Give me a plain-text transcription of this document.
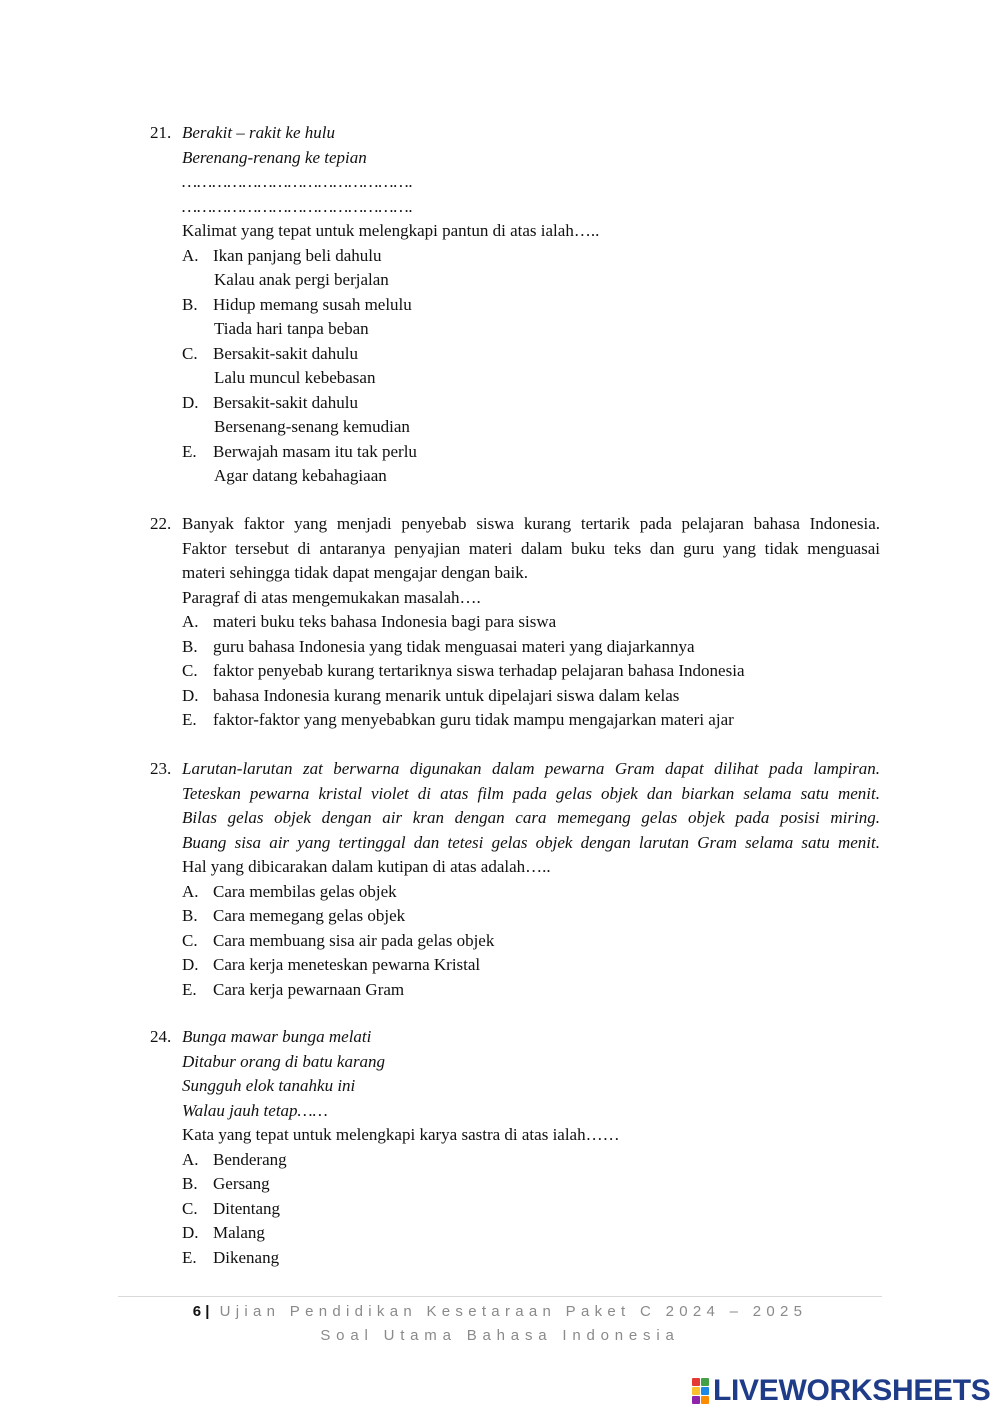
21. Berakit – rakit ke hulu
Berenang-renang ke tepian
……………………………………….
……………………………………….
Kalimat yang tepat untuk melengkapi pantun di atas ialah…..
A. Ikan panjang beli dahulu
Kalau anak pergi berjalan
B. Hidup memang susah melulu
Tiada hari tanpa beban
C. Bersakit-sakit dahulu
Lalu muncul kebebasan
D. Bersakit-sakit dahulu
Bersenang-senang kemudian
E. Berwajah masam itu tak perlu
Agar datang kebahagiaan
22. Banyak faktor yang menjadi penyebab siswa kurang tertarik pada pelajaran bahasa Indonesia.
Faktor tersebut di antaranya penyajian materi dalam buku teks dan guru yang tidak menguasai
materi sehingga tidak dapat mengajar dengan baik.
Paragraf di atas mengemukakan masalah….
A. materi buku teks bahasa Indonesia bagi para siswa
B. guru bahasa Indonesia yang tidak menguasai materi yang diajarkannya
C. faktor penyebab kurang tertariknya siswa terhadap pelajaran bahasa Indonesia
D. bahasa Indonesia kurang menarik untuk dipelajari siswa dalam kelas
E. faktor-faktor yang menyebabkan guru tidak mampu mengajarkan materi ajar
23. Larutan-larutan zat berwarna digunakan dalam pewarna Gram dapat dilihat pada lampiran.
Teteskan pewarna kristal violet di atas film pada gelas objek dan biarkan selama satu menit.
Bilas gelas objek dengan air kran dengan cara memegang gelas objek pada posisi miring.
Buang sisa air yang tertinggal dan tetesi gelas objek dengan larutan Gram selama satu menit.
Hal yang dibicarakan dalam kutipan di atas adalah…..
A. Cara membilas gelas objek
B. Cara memegang gelas objek
C. Cara membuang sisa air pada gelas objek
D. Cara kerja meneteskan pewarna Kristal
E. Cara kerja pewarnaan Gram
24. Bunga mawar bunga melati
Ditabur orang di batu karang
Sungguh elok tanahku ini
Walau jauh tetap……
Kata yang tepat untuk melengkapi karya sastra di atas ialah……
A. Benderang
B. Gersang
C. Ditentang
D. Malang
E. Dikenang
6 | Ujian Pendidikan Kesetaraan Paket C 2024 – 2025
Soal Utama Bahasa Indonesia
LIVEWORKSHEETS
